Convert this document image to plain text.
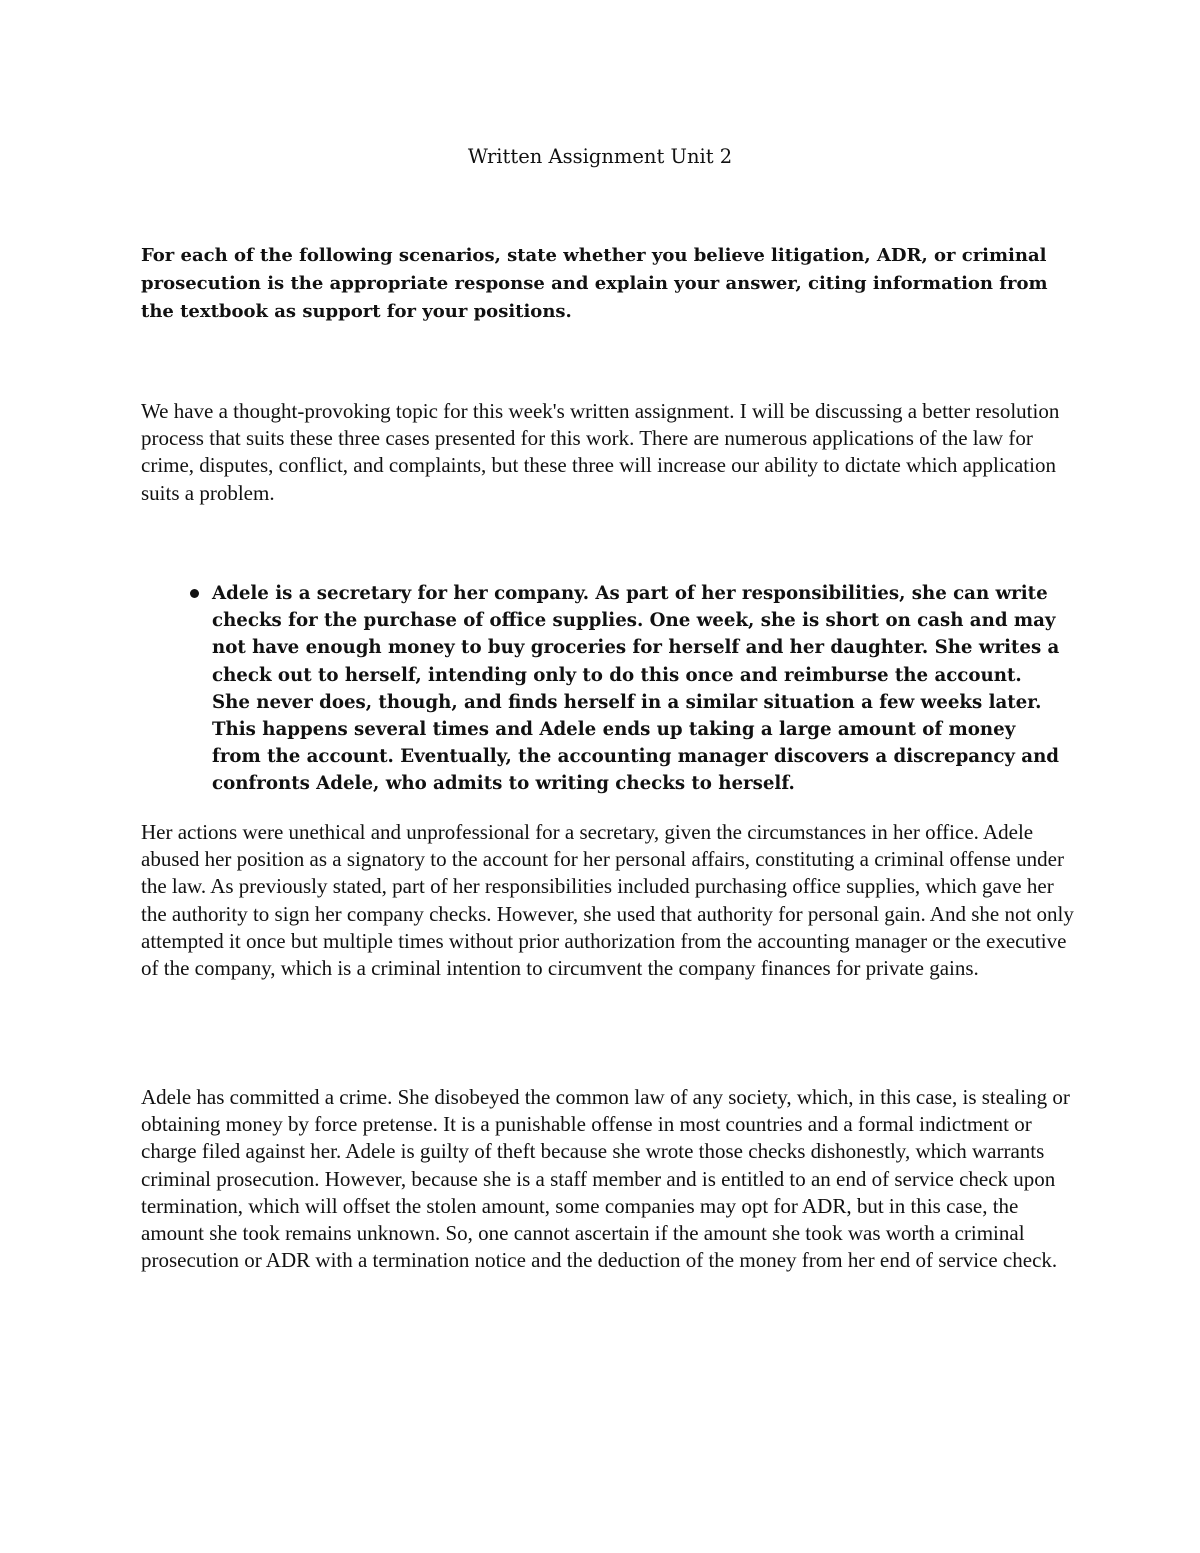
Written Assignment Unit 2

For each of the following scenarios, state whether you believe litigation, ADR, or criminal prosecution is the appropriate response and explain your answer, citing information from the textbook as support for your positions.

We have a thought-provoking topic for this week's written assignment. I will be discussing a better resolution process that suits these three cases presented for this work. There are numerous applications of the law for crime, disputes, conflict, and complaints, but these three will increase our ability to dictate which application suits a problem.

Adele is a secretary for her company. As part of her responsibilities, she can write checks for the purchase of office supplies. One week, she is short on cash and may not have enough money to buy groceries for herself and her daughter. She writes a check out to herself, intending only to do this once and reimburse the account. She never does, though, and finds herself in a similar situation a few weeks later. This happens several times and Adele ends up taking a large amount of money from the account. Eventually, the accounting manager discovers a discrepancy and confronts Adele, who admits to writing checks to herself.

Her actions were unethical and unprofessional for a secretary, given the circumstances in her office. Adele abused her position as a signatory to the account for her personal affairs, constituting a criminal offense under the law. As previously stated, part of her responsibilities included purchasing office supplies, which gave her the authority to sign her company checks. However, she used that authority for personal gain. And she not only attempted it once but multiple times without prior authorization from the accounting manager or the executive of the company, which is a criminal intention to circumvent the company finances for private gains.

Adele has committed a crime. She disobeyed the common law of any society, which, in this case, is stealing or obtaining money by force pretense. It is a punishable offense in most countries and a formal indictment or charge filed against her. Adele is guilty of theft because she wrote those checks dishonestly, which warrants criminal prosecution. However, because she is a staff member and is entitled to an end of service check upon termination, which will offset the stolen amount, some companies may opt for ADR, but in this case, the amount she took remains unknown. So, one cannot ascertain if the amount she took was worth a criminal prosecution or ADR with a termination notice and the deduction of the money from her end of service check.
